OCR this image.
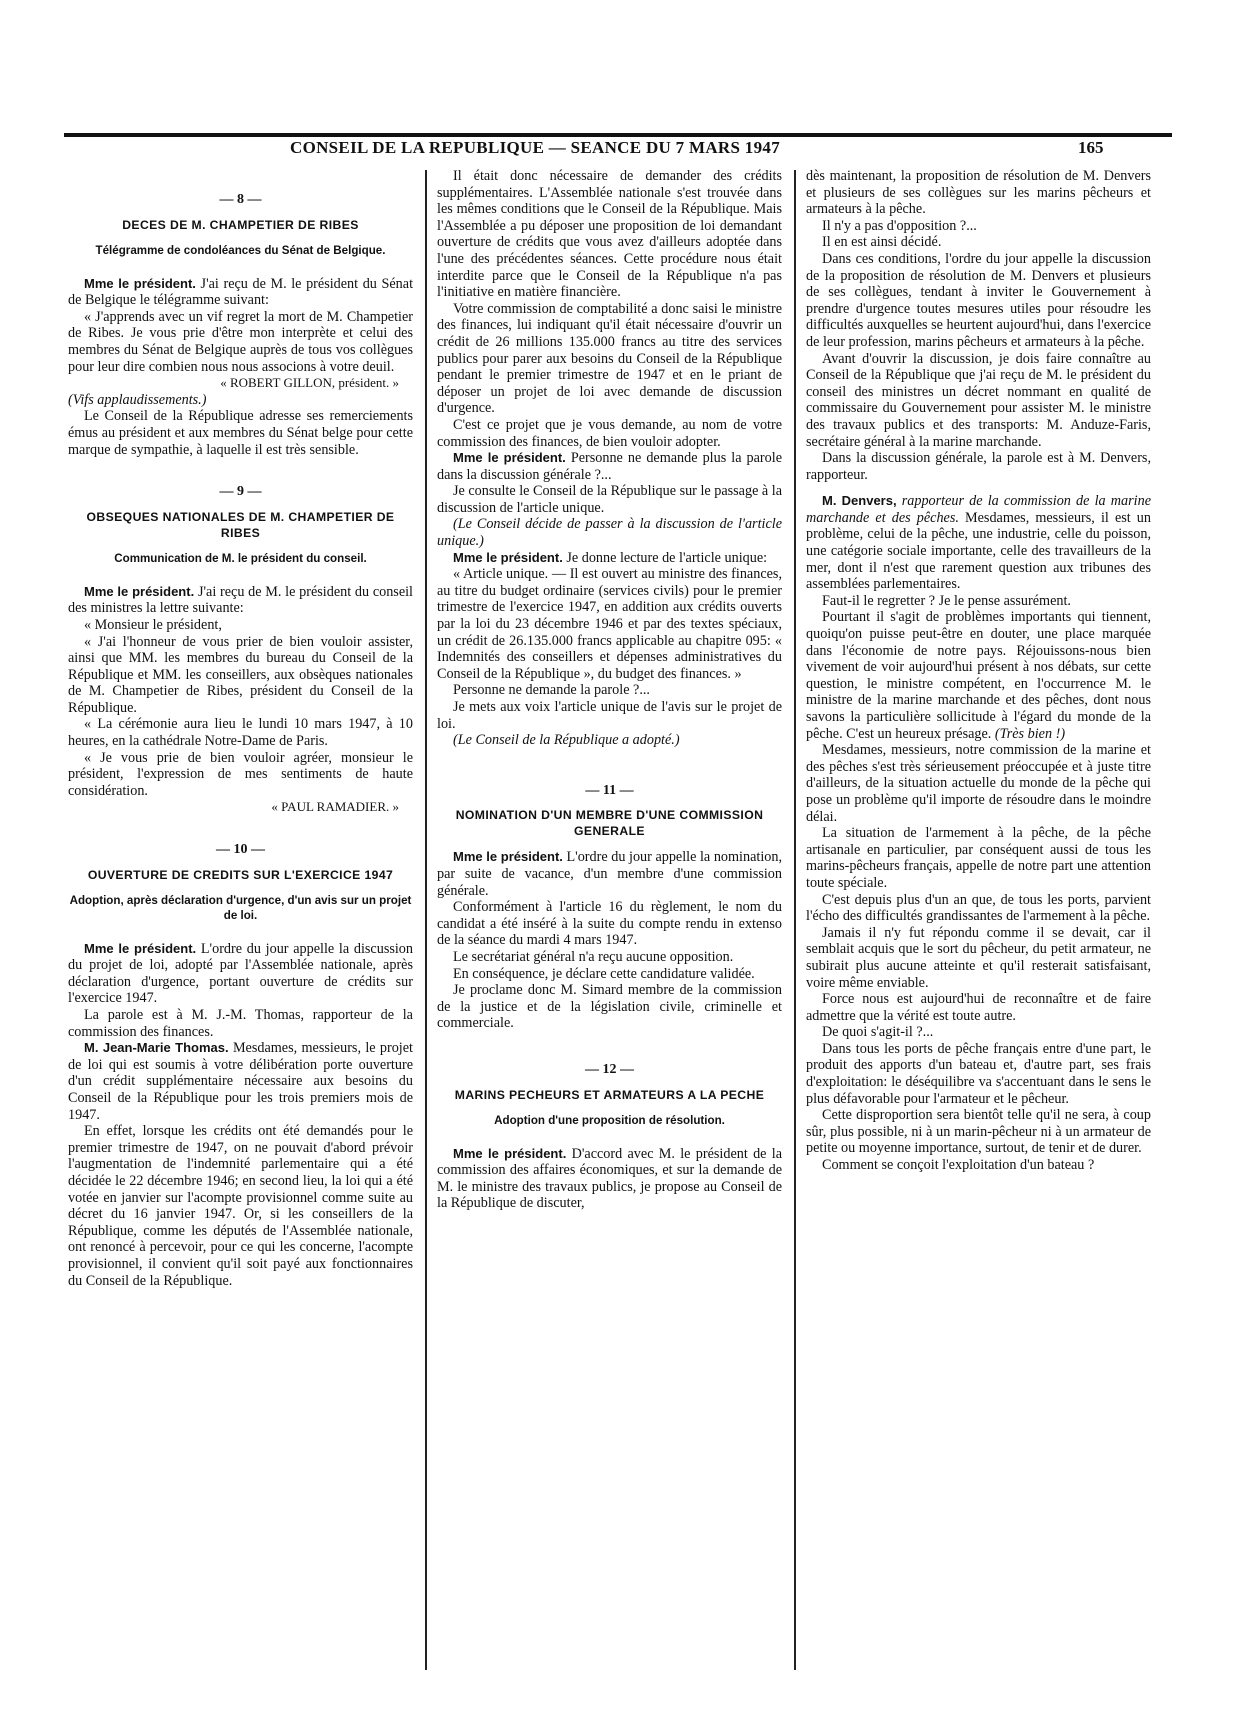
CONSEIL DE LA REPUBLIQUE — SEANCE DU 7 MARS 1947	165
— 8 —
DECES DE M. CHAMPETIER DE RIBES
Télégramme de condoléances du Sénat de Belgique.

Mme le président. J'ai reçu de M. le président du Sénat de Belgique le télégramme suivant:

« J'apprends avec un vif regret la mort de M. Champetier de Ribes. Je vous prie d'être mon interprète et celui des membres du Sénat de Belgique auprès de tous vos collègues pour leur dire combien nous nous associons à votre deuil.

« ROBERT GILLON, président. »

(Vifs applaudissements.)

Le Conseil de la République adresse ses remerciements émus au président et aux membres du Sénat belge pour cette marque de sympathie, à laquelle il est très sensible.

— 9 —
OBSEQUES NATIONALES DE M. CHAMPETIER DE RIBES
Communication de M. le président du conseil.

Mme le président. J'ai reçu de M. le président du conseil des ministres la lettre suivante:

« Monsieur le président,

« J'ai l'honneur de vous prier de bien vouloir assister, ainsi que MM. les membres du bureau du Conseil de la République et MM. les conseillers, aux obsèques nationales de M. Champetier de Ribes, président du Conseil de la République.

« La cérémonie aura lieu le lundi 10 mars 1947, à 10 heures, en la cathédrale Notre-Dame de Paris.

« Je vous prie de bien vouloir agréer, monsieur le président, l'expression de mes sentiments de haute considération.

« PAUL RAMADIER. »
— 10 —
OUVERTURE DE CREDITS SUR L'EXERCICE 1947
Adoption, après déclaration d'urgence, d'un avis sur un projet de loi.

Mme le président. L'ordre du jour appelle la discussion du projet de loi, adopté par l'Assemblée nationale, après déclaration d'urgence, portant ouverture de crédits sur l'exercice 1947.

La parole est à M. J.-M. Thomas, rapporteur de la commission des finances.

M. Jean-Marie Thomas. Mesdames, messieurs, le projet de loi qui est soumis à votre délibération porte ouverture d'un crédit supplémentaire nécessaire aux besoins du Conseil de la République pour les trois premiers mois de 1947.

En effet, lorsque les crédits ont été demandés pour le premier trimestre de 1947, on ne pouvait d'abord prévoir l'augmentation de l'indemnité parlementaire qui a été décidée le 22 décembre 1946; en second lieu, la loi qui a été votée en janvier sur l'acompte provisionnel comme suite au décret du 16 janvier 1947. Or, si les conseillers de la République, comme les députés de l'Assemblée nationale, ont renoncé à percevoir, pour ce qui les concerne, l'acompte provisionnel, il convient qu'il soit payé aux fonctionnaires du Conseil de la République.

Il était donc nécessaire de demander des crédits supplémentaires. L'Assemblée nationale s'est trouvée dans les mêmes conditions que le Conseil de la République. Mais l'Assemblée a pu déposer une proposition de loi demandant ouverture de crédits que vous avez d'ailleurs adoptée dans l'une des précédentes séances. Cette procédure nous était interdite parce que le Conseil de la République n'a pas l'initiative en matière financière.

Votre commission de comptabilité a donc saisi le ministre des finances, lui indiquant qu'il était nécessaire d'ouvrir un crédit de 26 millions 135.000 francs au titre des services publics pour parer aux besoins du Conseil de la République pendant le premier trimestre de 1947 et en le priant de déposer un projet de loi avec demande de discussion d'urgence.

C'est ce projet que je vous demande, au nom de votre commission des finances, de bien vouloir adopter.

Mme le président. Personne ne demande plus la parole dans la discussion générale ?...

Je consulte le Conseil de la République sur le passage à la discussion de l'article unique.

(Le Conseil décide de passer à la discussion de l'article unique.)

Mme le président. Je donne lecture de l'article unique:

« Article unique. — Il est ouvert au ministre des finances, au titre du budget ordinaire (services civils) pour le premier trimestre de l'exercice 1947, en addition aux crédits ouverts par la loi du 23 décembre 1946 et par des textes spéciaux, un crédit de 26.135.000 francs applicable au chapitre 095: « Indemnités des conseillers et dépenses administratives du Conseil de la République », du budget des finances. »

Personne ne demande la parole ?...

Je mets aux voix l'article unique de l'avis sur le projet de loi.

(Le Conseil de la République a adopté.)

— 11 —
NOMINATION D'UN MEMBRE D'UNE COMMISSION GENERALE

Mme le président. L'ordre du jour appelle la nomination, par suite de vacance, d'un membre d'une commission générale.

Conformément à l'article 16 du règlement, le nom du candidat a été inséré à la suite du compte rendu in extenso de la séance du mardi 4 mars 1947.

Le secrétariat général n'a reçu aucune opposition.

En conséquence, je déclare cette candidature validée.

Je proclame donc M. Simard membre de la commission de la justice et de la législation civile, criminelle et commerciale.

— 12 —
MARINS PECHEURS ET ARMATEURS A LA PECHE
Adoption d'une proposition de résolution.

Mme le président. D'accord avec M. le président de la commission des affaires économiques, et sur la demande de M. le ministre des travaux publics, je propose au Conseil de la République de discuter,

dès maintenant, la proposition de résolution de M. Denvers et plusieurs de ses collègues sur les marins pêcheurs et armateurs à la pêche.

Il n'y a pas d'opposition ?...

Il en est ainsi décidé.

Dans ces conditions, l'ordre du jour appelle la discussion de la proposition de résolution de M. Denvers et plusieurs de ses collègues, tendant à inviter le Gouvernement à prendre d'urgence toutes mesures utiles pour résoudre les difficultés auxquelles se heurtent aujourd'hui, dans l'exercice de leur profession, marins pêcheurs et armateurs à la pêche.

Avant d'ouvrir la discussion, je dois faire connaître au Conseil de la République que j'ai reçu de M. le président du conseil des ministres un décret nommant en qualité de commissaire du Gouvernement pour assister M. le ministre des travaux publics et des transports: M. Anduze-Faris, secrétaire général à la marine marchande.

Dans la discussion générale, la parole est à M. Denvers, rapporteur.

M. Denvers, rapporteur de la commission de la marine marchande et des pêches. Mesdames, messieurs, il est un problème, celui de la pêche, une industrie, celle du poisson, une catégorie sociale importante, celle des travailleurs de la mer, dont il n'est que rarement question aux tribunes des assemblées parlementaires.

Faut-il le regretter ? Je le pense assurément.

Pourtant il s'agit de problèmes importants qui tiennent, quoiqu'on puisse peut-être en douter, une place marquée dans l'économie de notre pays. Réjouissons-nous bien vivement de voir aujourd'hui présent à nos débats, sur cette question, le ministre compétent, en l'occurrence M. le ministre de la marine marchande et des pêches, dont nous savons la particulière sollicitude à l'égard du monde de la pêche. C'est un heureux présage. (Très bien !)

Mesdames, messieurs, notre commission de la marine et des pêches s'est très sérieusement préoccupée et à juste titre d'ailleurs, de la situation actuelle du monde de la pêche qui pose un problème qu'il importe de résoudre dans le moindre délai.

La situation de l'armement à la pêche, de la pêche artisanale en particulier, par conséquent aussi de tous les marins-pêcheurs français, appelle de notre part une attention toute spéciale.

C'est depuis plus d'un an que, de tous les ports, parvient l'écho des difficultés grandissantes de l'armement à la pêche.

Jamais il n'y fut répondu comme il se devait, car il semblait acquis que le sort du pêcheur, du petit armateur, ne subirait plus aucune atteinte et qu'il resterait satisfaisant, voire même enviable.

Force nous est aujourd'hui de reconnaître et de faire admettre que la vérité est toute autre.

De quoi s'agit-il ?...

Dans tous les ports de pêche français entre d'une part, le produit des apports d'un bateau et, d'autre part, ses frais d'exploitation: le déséquilibre va s'accentuant dans le sens le plus défavorable pour l'armateur et le pêcheur.

Cette disproportion sera bientôt telle qu'il ne sera, à coup sûr, plus possible, ni à un marin-pêcheur ni à un armateur de petite ou moyenne importance, surtout, de tenir et de durer.

Comment se conçoit l'exploitation d'un bateau ?
